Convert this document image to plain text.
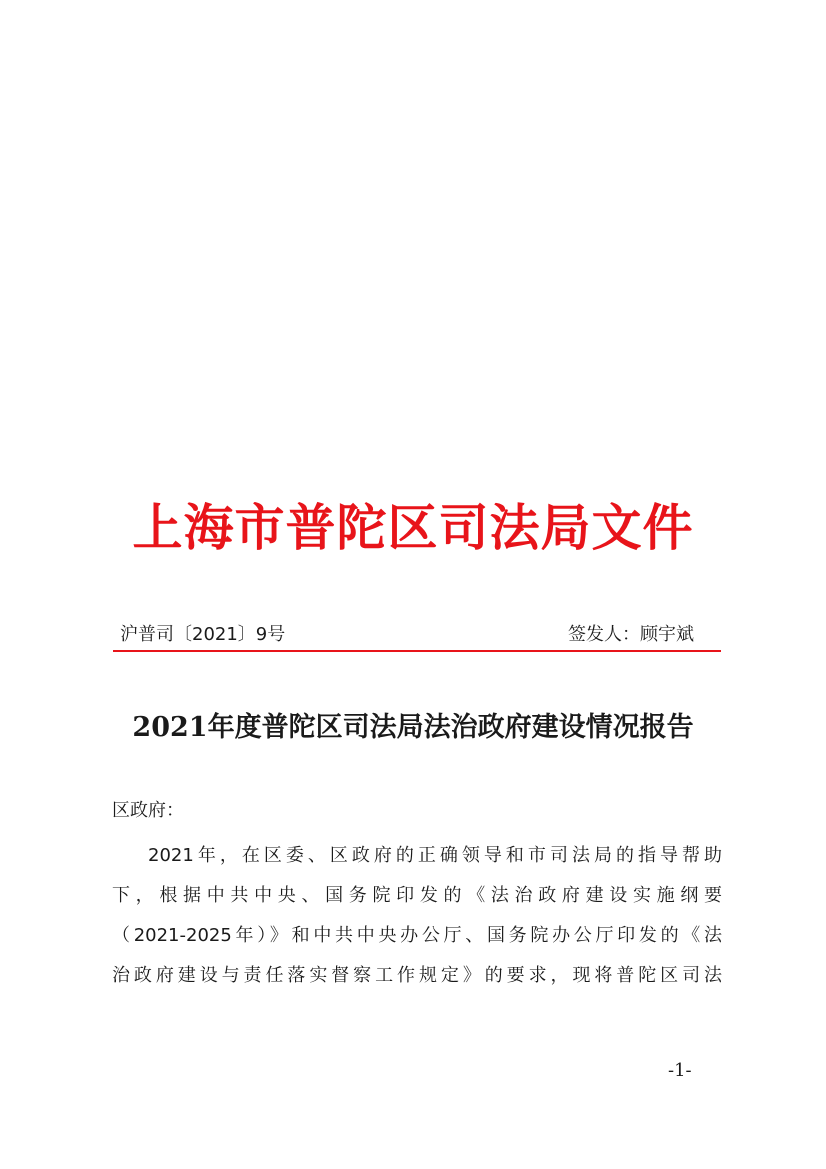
上海市普陀区司法局文件
沪普司〔2021〕9号	签发人：顾宇斌
2021年度普陀区司法局法治政府建设情况报告
区政府：
2021年，在区委、区政府的正确领导和市司法局的指导帮助
下，根据中共中央、国务院印发的《法治政府建设实施纲要
（2021-2025年）》和中共中央办公厅、国务院办公厅印发的《法
治政府建设与责任落实督察工作规定》的要求，现将普陀区司法
-1-
